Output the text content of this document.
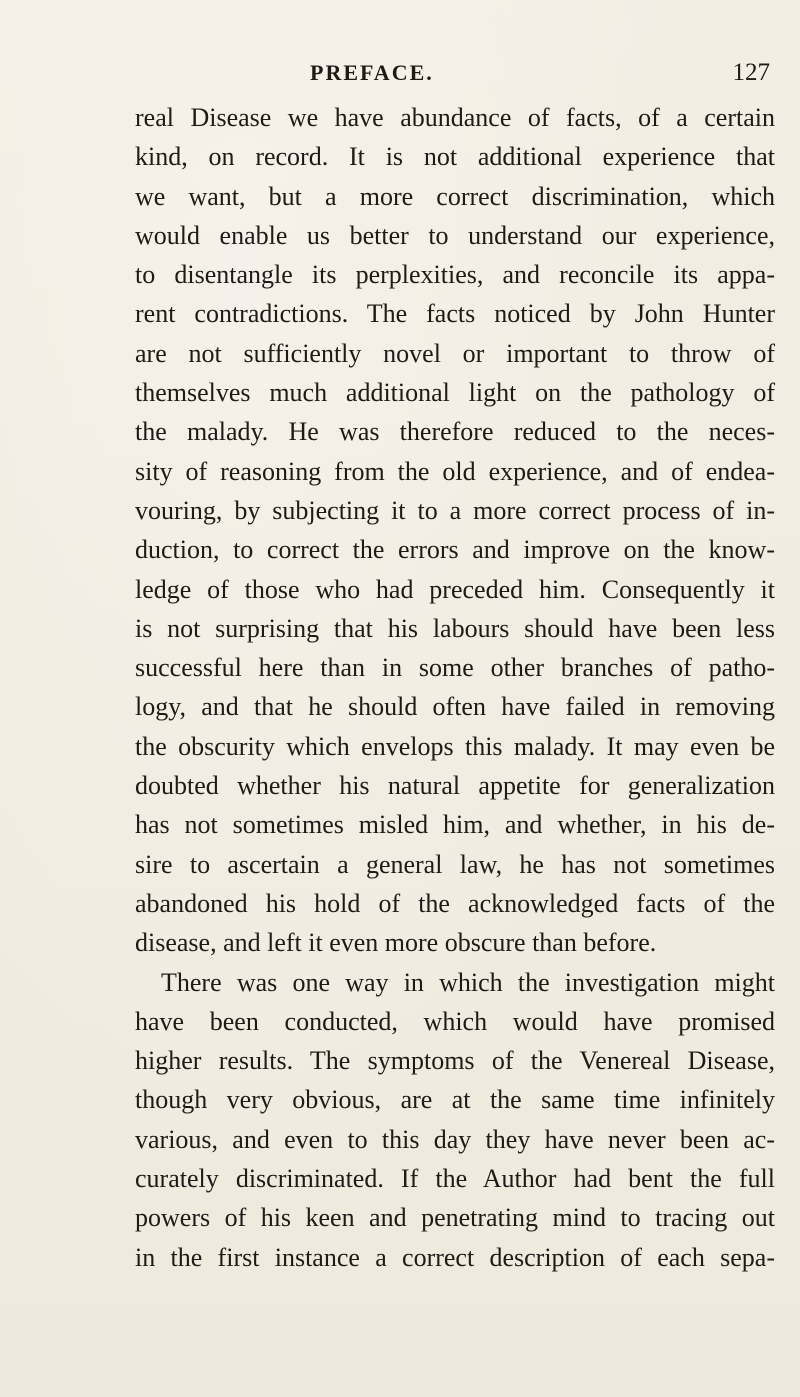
PREFACE.	127
real Disease we have abundance of facts, of a certain
kind, on record. It is not additional experience that
we want, but a more correct discrimination, which
would enable us better to understand our experience,
to disentangle its perplexities, and reconcile its appa-
rent contradictions. The facts noticed by John Hunter
are not sufficiently novel or important to throw of
themselves much additional light on the pathology of
the malady. He was therefore reduced to the neces-
sity of reasoning from the old experience, and of endea-
vouring, by subjecting it to a more correct process of in-
duction, to correct the errors and improve on the know-
ledge of those who had preceded him. Consequently it
is not surprising that his labours should have been less
successful here than in some other branches of patho-
logy, and that he should often have failed in removing
the obscurity which envelops this malady. It may even be
doubted whether his natural appetite for generalization
has not sometimes misled him, and whether, in his de-
sire to ascertain a general law, he has not sometimes
abandoned his hold of the acknowledged facts of the
disease, and left it even more obscure than before.
There was one way in which the investigation might
have been conducted, which would have promised
higher results. The symptoms of the Venereal Disease,
though very obvious, are at the same time infinitely
various, and even to this day they have never been ac-
curately discriminated. If the Author had bent the full
powers of his keen and penetrating mind to tracing out
in the first instance a correct description of each sepa-
